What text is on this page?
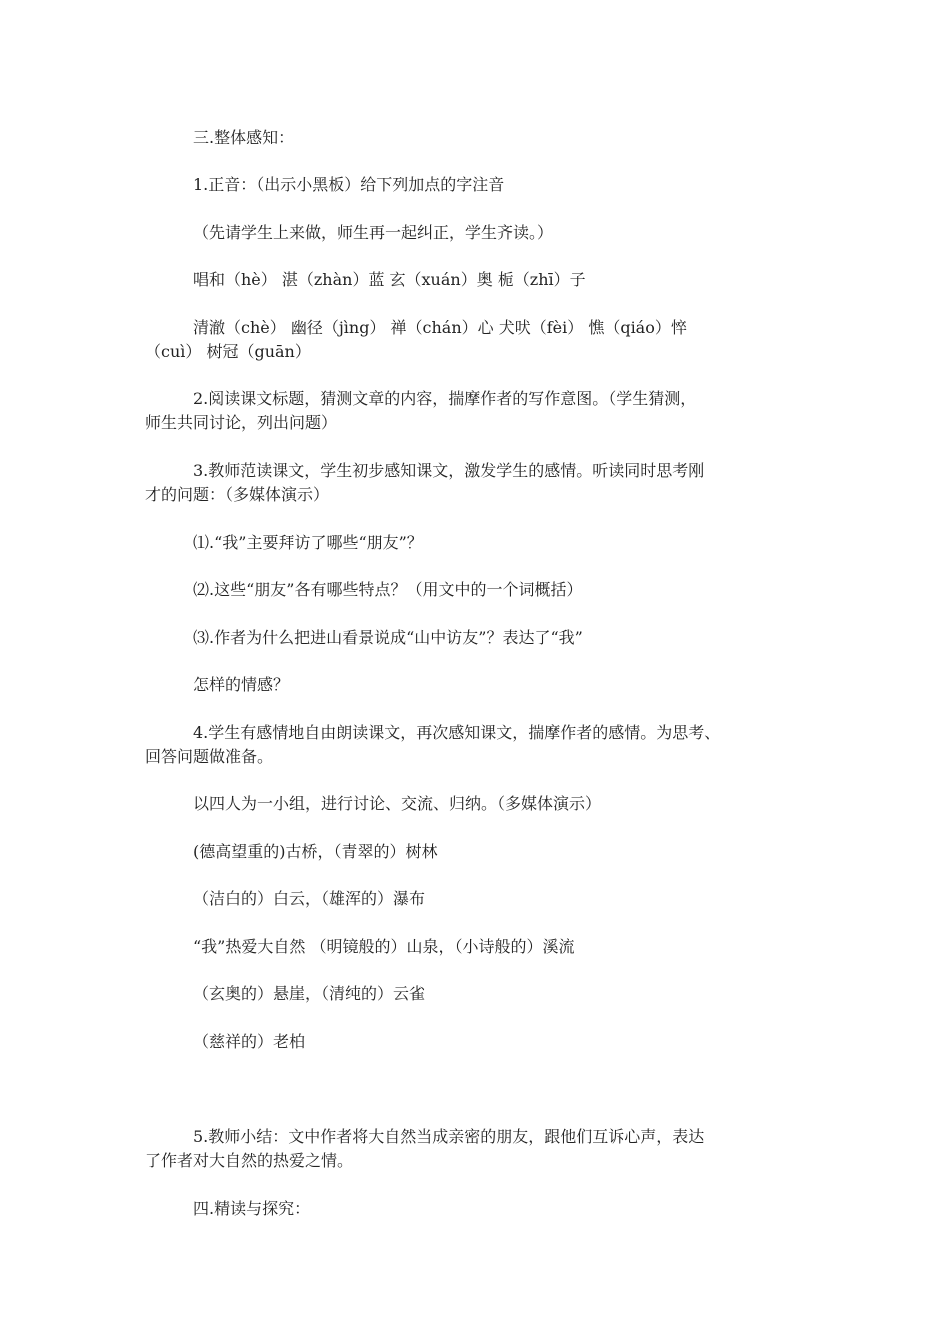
三.整体感知：
1.正音：（出示小黑板）给下列加点的字注音
（先请学生上来做，师生再一起纠正，学生齐读。）
唱和（hè） 湛（zhàn）蓝 玄（xuán）奥 栀（zhī）子
清澈（chè） 幽径（jìng） 禅（chán）心 犬吠（fèi） 憔（qiáo）悴
（cuì） 树冠（guān）
2.阅读课文标题，猜测文章的内容，揣摩作者的写作意图。（学生猜测，
师生共同讨论，列出问题）
3.教师范读课文，学生初步感知课文，激发学生的感情。听读同时思考刚
才的问题：（多媒体演示）
⑴.“我”主要拜访了哪些“朋友”？
⑵.这些“朋友”各有哪些特点？（用文中的一个词概括）
⑶.作者为什么把进山看景说成“山中访友”？表达了“我”
怎样的情感？
4.学生有感情地自由朗读课文，再次感知课文，揣摩作者的感情。为思考、
回答问题做准备。
以四人为一小组，进行讨论、交流、归纳。（多媒体演示）
(德高望重的)古桥，（青翠的）树林
（洁白的）白云，（雄浑的）瀑布
“我”热爱大自然 （明镜般的）山泉，（小诗般的）溪流
（玄奥的）悬崖，（清纯的）云雀
（慈祥的）老柏
5.教师小结：文中作者将大自然当成亲密的朋友，跟他们互诉心声，表达
了作者对大自然的热爱之情。
四.精读与探究：
